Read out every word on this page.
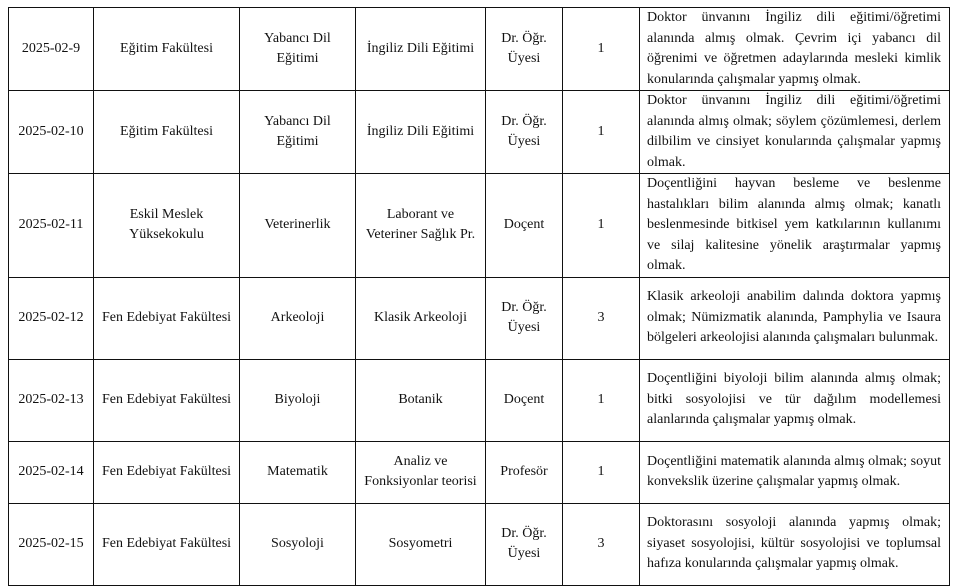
2025-02-9	Eğitim Fakültesi	Yabancı Dil Eğitimi	İngiliz Dili Eğitimi	Dr. Öğr. Üyesi	1	Doktor ünvanını İngiliz dili eğitimi/öğretimi alanında almış olmak. Çevrim içi yabancı dil öğrenimi ve öğretmen adaylarında mesleki kimlik konularında çalışmalar yapmış olmak.
2025-02-10	Eğitim Fakültesi	Yabancı Dil Eğitimi	İngiliz Dili Eğitimi	Dr. Öğr. Üyesi	1	Doktor ünvanını İngiliz dili eğitimi/öğretimi alanında almış olmak; söylem çözümlemesi, derlem dilbilim ve cinsiyet konularında çalışmalar yapmış olmak.
2025-02-11	Eskil Meslek Yüksekokulu	Veterinerlik	Laborant ve Veteriner Sağlık Pr.	Doçent	1	Doçentliğini hayvan besleme ve beslenme hastalıkları bilim alanında almış olmak; kanatlı beslenmesinde bitkisel yem katkılarının kullanımı ve silaj kalitesine yönelik araştırmalar yapmış olmak.
2025-02-12	Fen Edebiyat Fakültesi	Arkeoloji	Klasik Arkeoloji	Dr. Öğr. Üyesi	3	Klasik arkeoloji anabilim dalında doktora yapmış olmak; Nümizmatik alanında, Pamphylia ve Isaura bölgeleri arkeolojisi alanında çalışmaları bulunmak.
2025-02-13	Fen Edebiyat Fakültesi	Biyoloji	Botanik	Doçent	1	Doçentliğini biyoloji bilim alanında almış olmak; bitki sosyolojisi ve tür dağılım modellemesi alanlarında çalışmalar yapmış olmak.
2025-02-14	Fen Edebiyat Fakültesi	Matematik	Analiz ve Fonksiyonlar teorisi	Profesör	1	Doçentliğini matematik alanında almış olmak; soyut konvekslik üzerine çalışmalar yapmış olmak.
2025-02-15	Fen Edebiyat Fakültesi	Sosyoloji	Sosyometri	Dr. Öğr. Üyesi	3	Doktorasını sosyoloji alanında yapmış olmak; siyaset sosyolojisi, kültür sosyolojisi ve toplumsal hafıza konularında çalışmalar yapmış olmak.
